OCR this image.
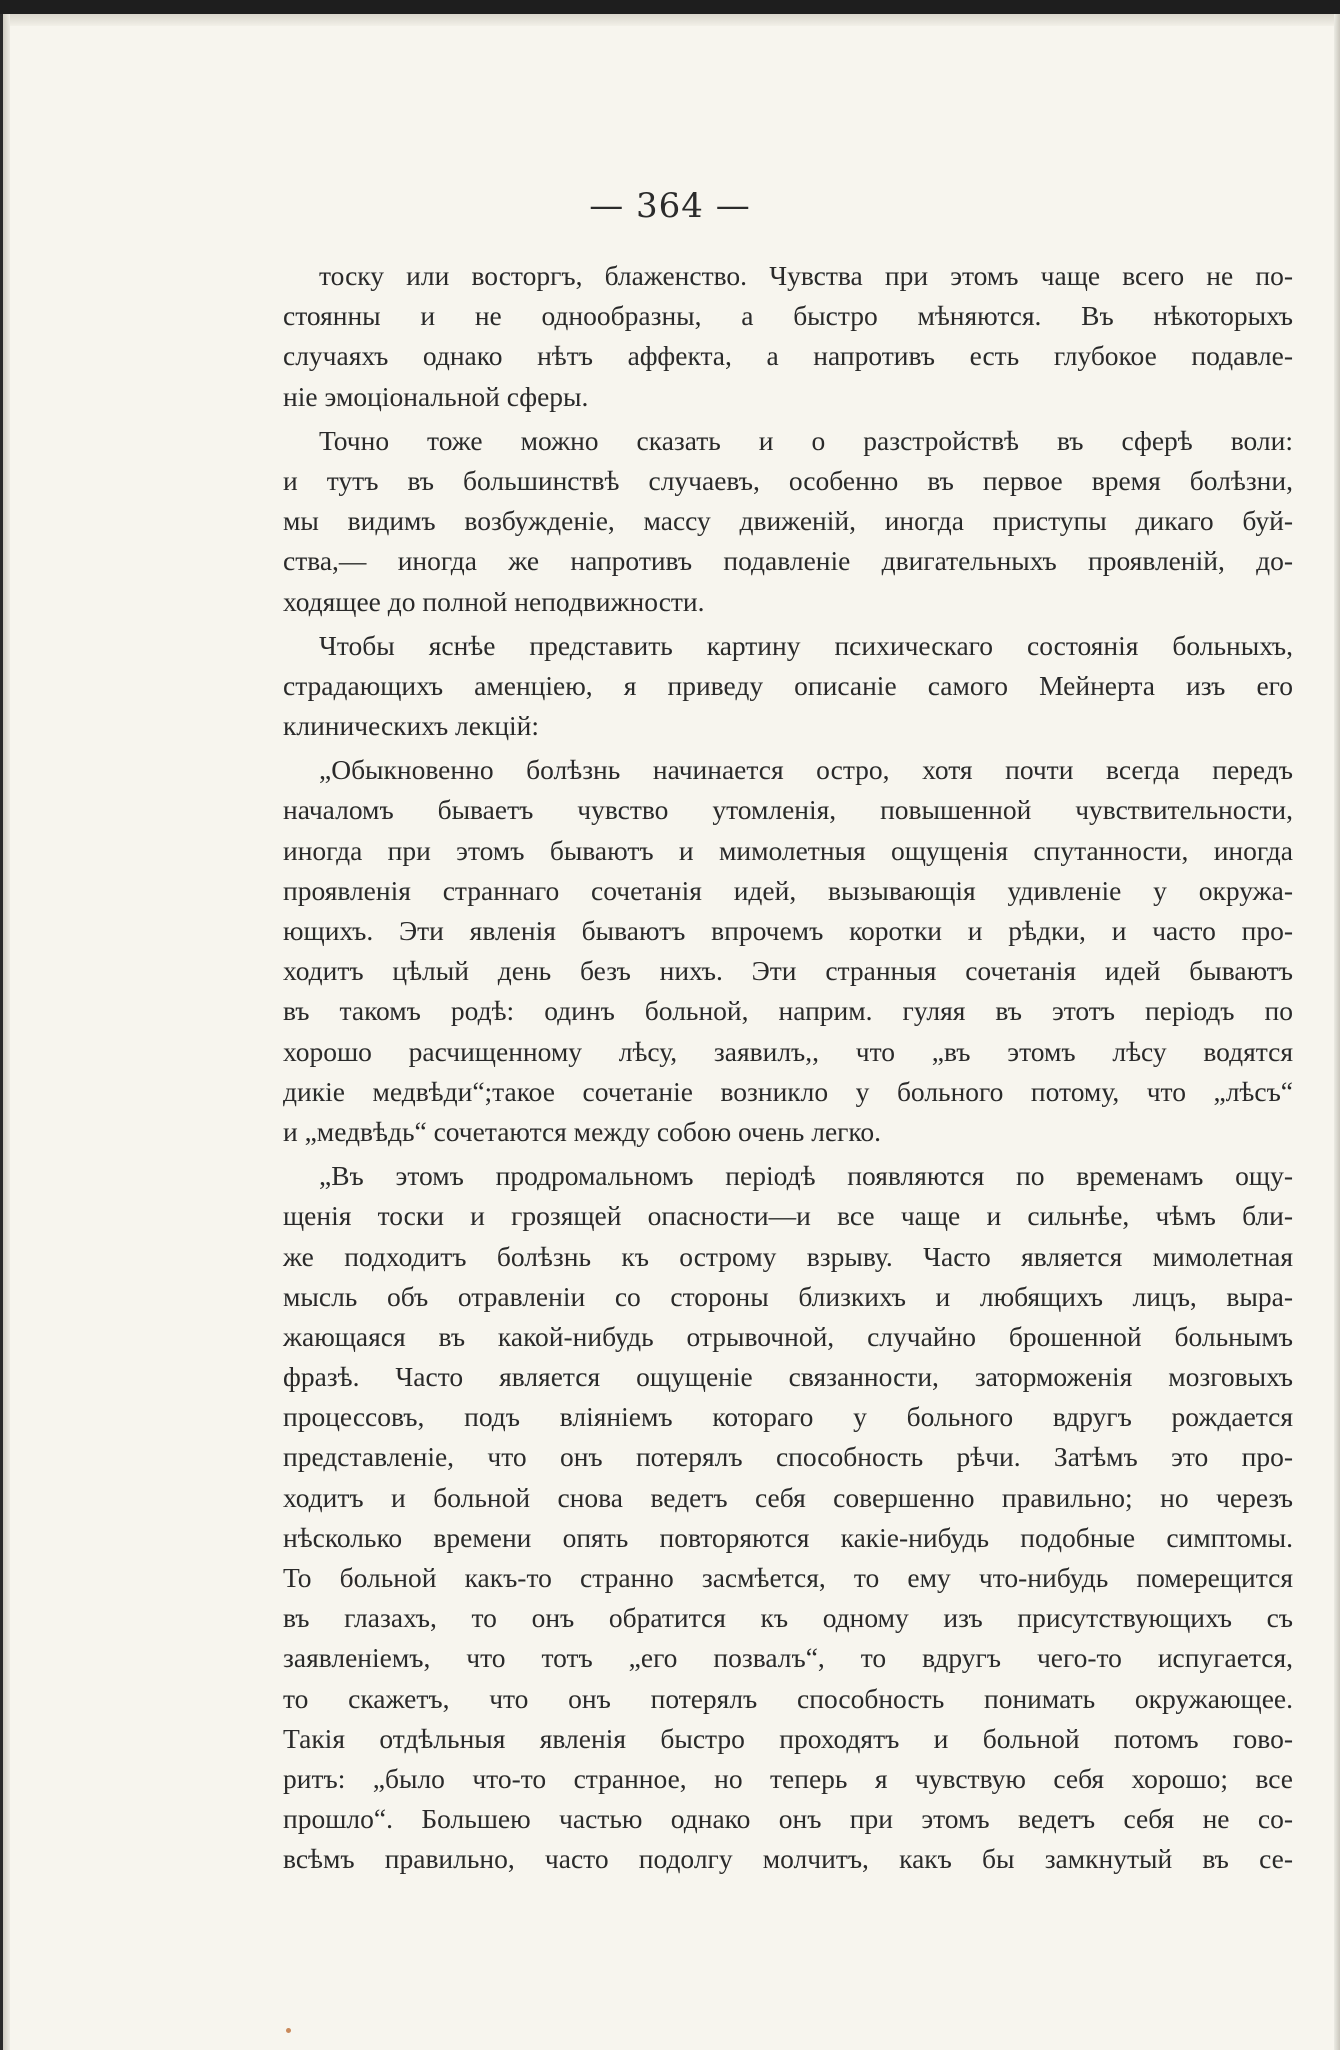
— 364 —
тоску или восторгъ, блаженство. Чувства при этомъ чаще всего не по-
стоянны и не однообразны, а быстро мѣняются. Въ нѣкоторыхъ
случаяхъ однако нѣтъ аффекта, а напротивъ есть глубокое подавле-
ніе эмоціональной сферы.
Точно тоже можно сказать и о разстройствѣ въ сферѣ воли:
и тутъ въ большинствѣ случаевъ, особенно въ первое время болѣзни,
мы видимъ возбужденіе, массу движеній, иногда приступы дикаго буй-
ства,— иногда же напротивъ подавленіе двигательныхъ проявленій, до-
ходящее до полной неподвижности.
Чтобы яснѣе представить картину психическаго состоянія больныхъ,
страдающихъ аменціею, я приведу описаніе самого Мейнерта изъ его
клиническихъ лекцій:
„Обыкновенно болѣзнь начинается остро, хотя почти всегда передъ
началомъ бываетъ чувство утомленія, повышенной чувствительности,
иногда при этомъ бываютъ и мимолетныя ощущенія спутанности, иногда
проявленія страннаго сочетанія идей, вызывающія удивленіе у окружа-
ющихъ. Эти явленія бываютъ впрочемъ коротки и рѣдки, и часто про-
ходитъ цѣлый день безъ нихъ. Эти странныя сочетанія идей бываютъ
въ такомъ родѣ: одинъ больной, наприм. гуляя въ этотъ періодъ по
хорошо расчищенному лѣсу, заявилъ,, что „въ этомъ лѣсу водятся
дикіе медвѣди“;такое сочетаніе возникло у больного потому, что „лѣсъ“
и „медвѣдь“ сочетаются между собою очень легко.
„Въ этомъ продромальномъ періодѣ появляются по временамъ ощу-
щенія тоски и грозящей опасности—и все чаще и сильнѣе, чѣмъ бли-
же подходитъ болѣзнь къ острому взрыву. Часто является мимолетная
мысль объ отравленіи со стороны близкихъ и любящихъ лицъ, выра-
жающаяся въ какой-нибудь отрывочной, случайно брошенной больнымъ
фразѣ. Часто является ощущеніе связанности, заторможенія мозговыхъ
процессовъ, подъ вліяніемъ котораго у больного вдругъ рождается
представленіе, что онъ потерялъ способность рѣчи. Затѣмъ это про-
ходитъ и больной снова ведетъ себя совершенно правильно; но черезъ
нѣсколько времени опять повторяются какіе-нибудь подобные симптомы.
То больной какъ-то странно засмѣется, то ему что-нибудь померещится
въ глазахъ, то онъ обратится къ одному изъ присутствующихъ съ
заявленіемъ, что тотъ „его позвалъ“, то вдругъ чего-то испугается,
то скажетъ, что онъ потерялъ способность понимать окружающее.
Такія отдѣльныя явленія быстро проходятъ и больной потомъ гово-
ритъ: „было что-то странное, но теперь я чувствую себя хорошо; все
прошло“. Большею частью однако онъ при этомъ ведетъ себя не со-
всѣмъ правильно, часто подолгу молчитъ, какъ бы замкнутый въ се-
